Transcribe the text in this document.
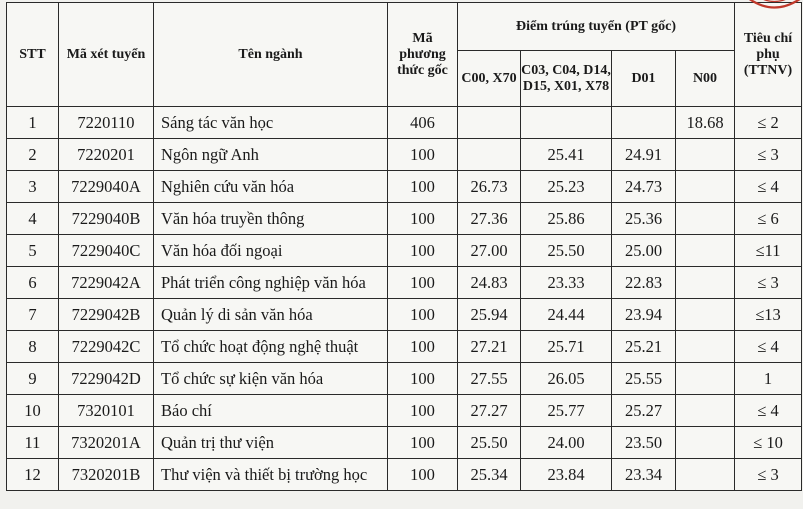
STT	Mã xét tuyển	Tên ngành	Mã phương thức gốc	Điểm trúng tuyển (PT gốc)				Tiêu chí phụ (TTNV)
				C00, X70	C03, C04, D14, D15, X01, X78	D01	N00	
1	7220110	Sáng tác văn học	406				18.68	≤ 2
2	7220201	Ngôn ngữ Anh	100		25.41	24.91		≤ 3
3	7229040A	Nghiên cứu văn hóa	100	26.73	25.23	24.73		≤ 4
4	7229040B	Văn hóa truyền thông	100	27.36	25.86	25.36		≤ 6
5	7229040C	Văn hóa đối ngoại	100	27.00	25.50	25.00		≤11
6	7229042A	Phát triển công nghiệp văn hóa	100	24.83	23.33	22.83		≤ 3
7	7229042B	Quản lý di sản văn hóa	100	25.94	24.44	23.94		≤13
8	7229042C	Tổ chức hoạt động nghệ thuật	100	27.21	25.71	25.21		≤ 4
9	7229042D	Tổ chức sự kiện văn hóa	100	27.55	26.05	25.55		1
10	7320101	Báo chí	100	27.27	25.77	25.27		≤ 4
11	7320201A	Quản trị thư viện	100	25.50	24.00	23.50		≤ 10
12	7320201B	Thư viện và thiết bị trường học	100	25.34	23.84	23.34		≤ 3
